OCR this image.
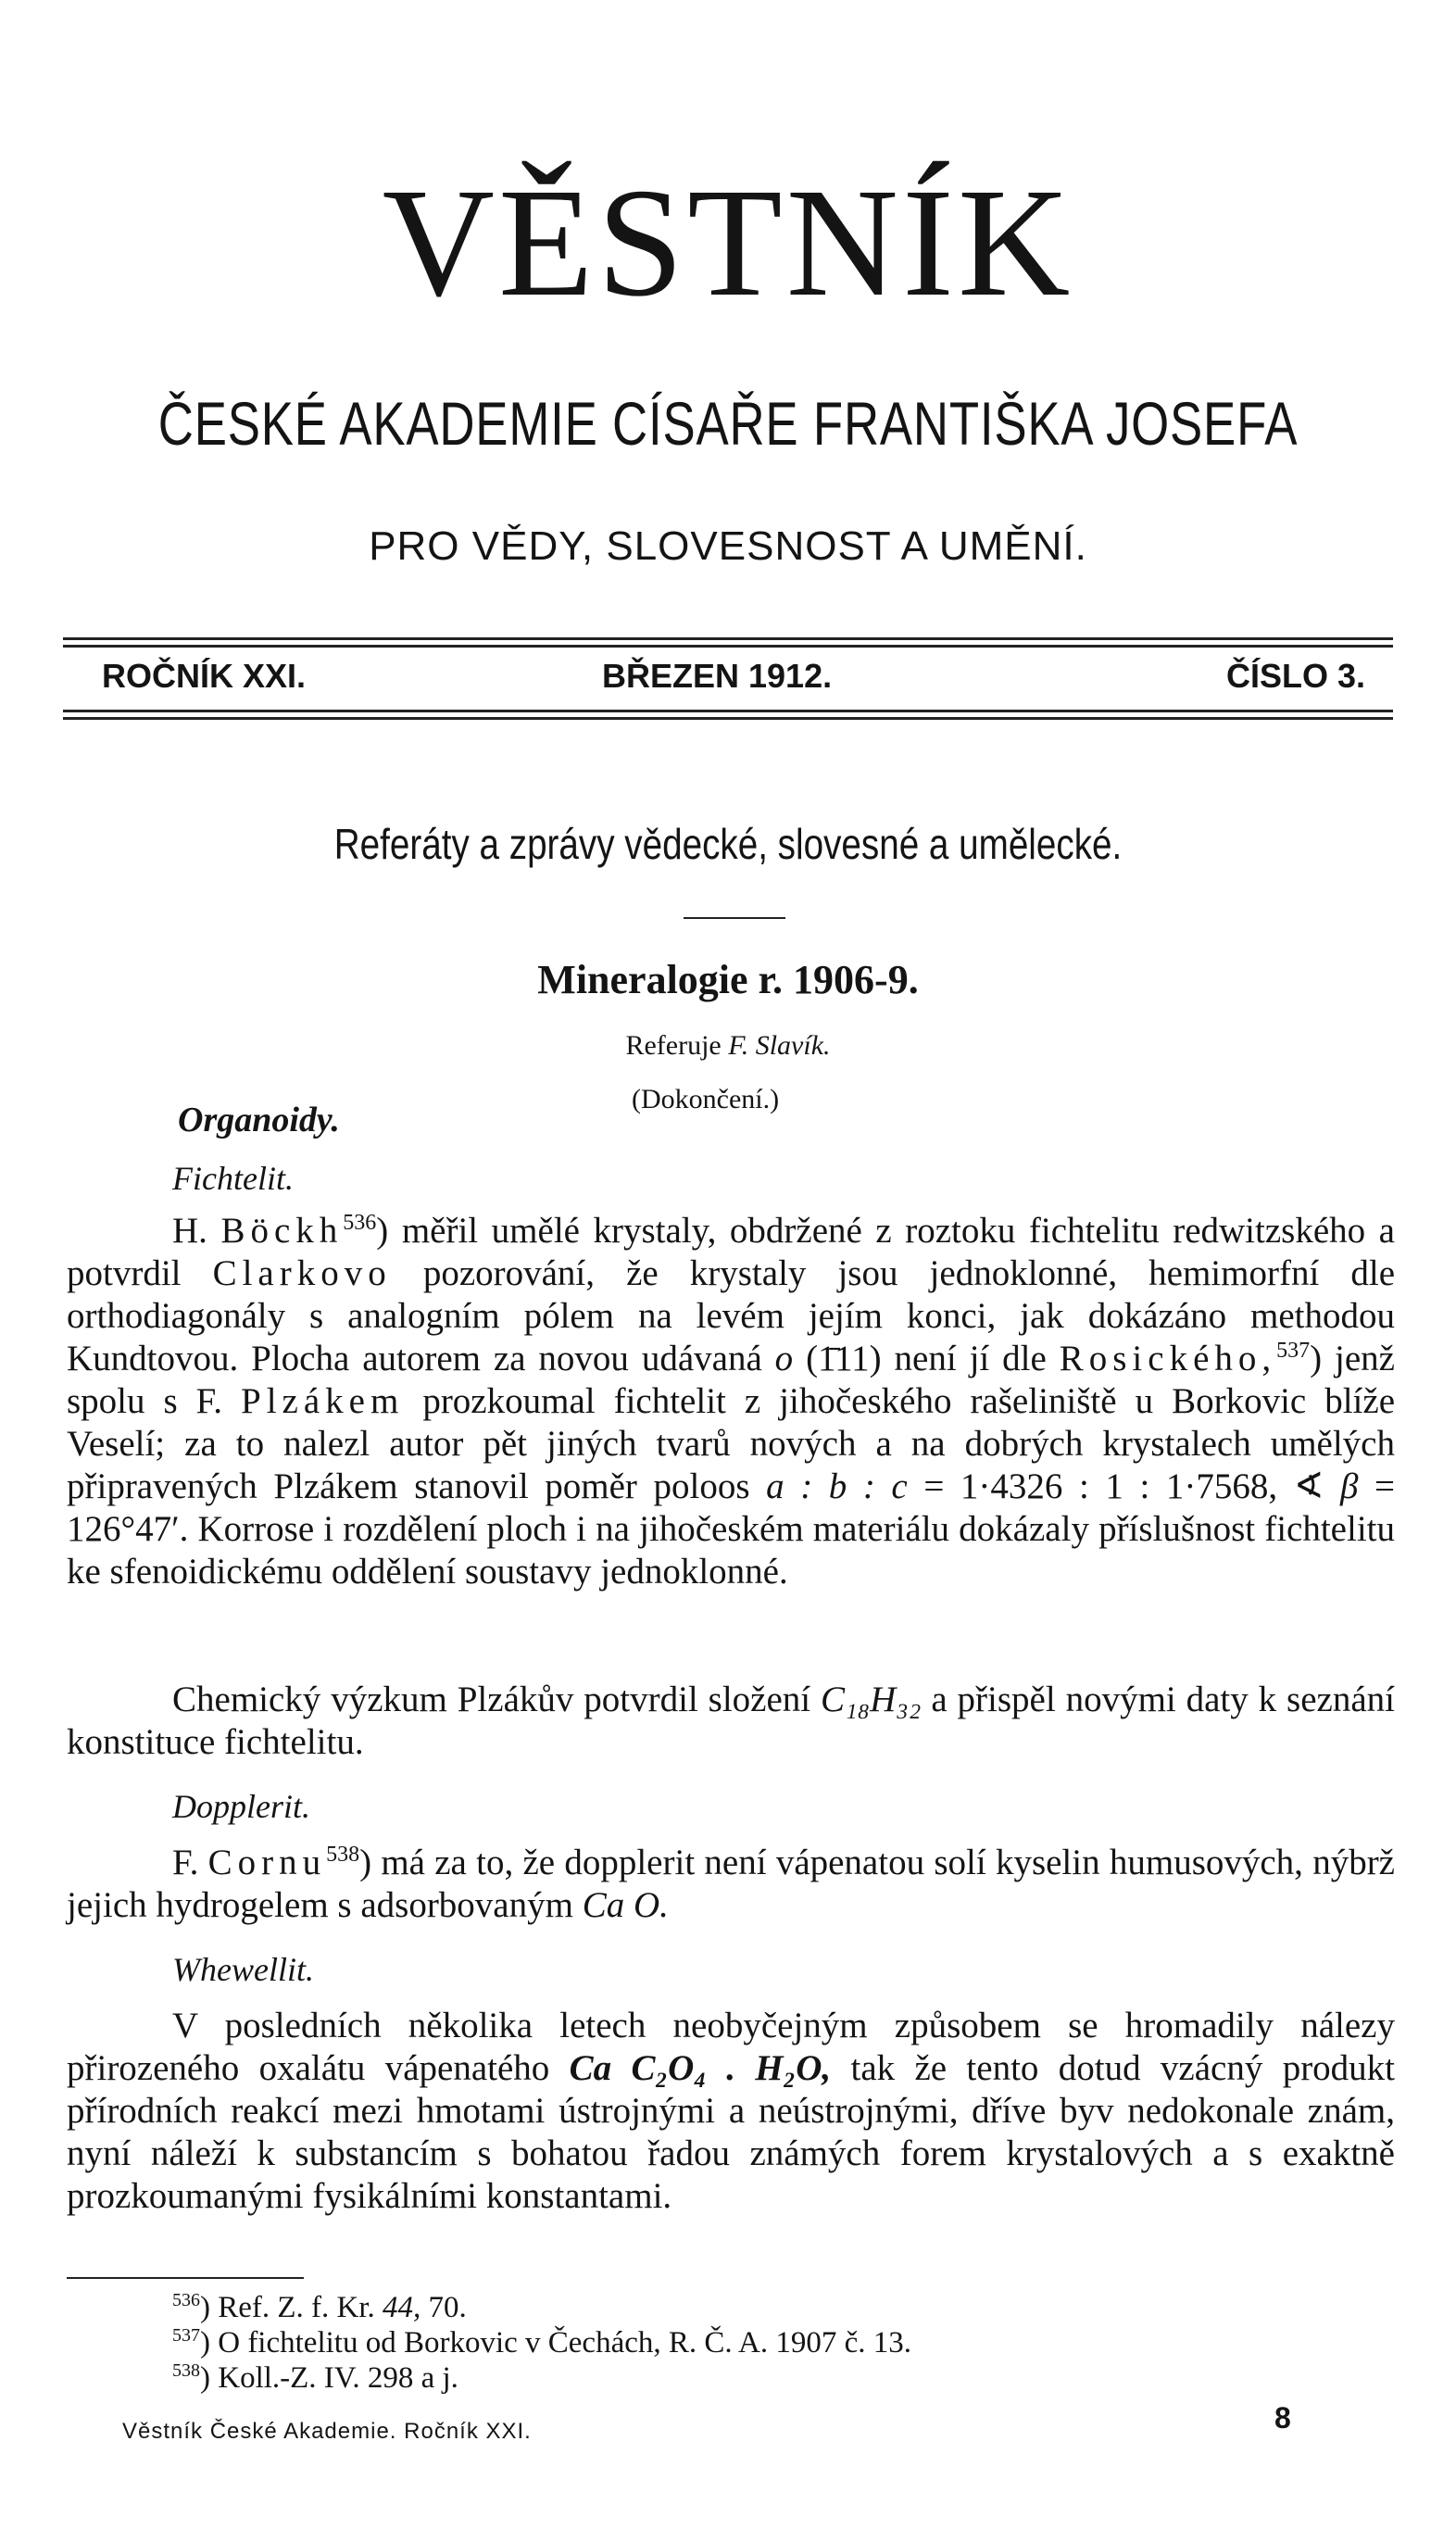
VĚSTNÍK
ČESKÉ AKADEMIE CÍSAŘE FRANTIŠKA JOSEFA
PRO VĚDY, SLOVESNOST A UMĚNÍ.
ROČNÍK XXI.	BŘEZEN 1912.	ČÍSLO 3.
Referáty a zprávy vědecké, slovesné a umělecké.
Mineralogie r. 1906-9.
Referuje F. Slavík.
(Dokončení.)
Organoidy.
Fichtelit.

H. Böckh$^{536}$) měřil umělé krystaly, obdržené z roztoku fichtelitu redwitzského a potvrdil Clarkovo pozorování, že krystaly jsou jednoklonné, hemimorfní dle orthodiagonály s analogním pólem na levém jejím konci, jak dokázáno methodou Kundtovou. Plocha autorem za novou udávaná o (1̄11) není jí dle Rosického,$^{537}$) jenž spolu s F. Plzákem prozkoumal fichtelit z jihočeského rašeliniště u Borkovic blíže Veselí; za to nalezl autor pět jiných tvarů nových a na dobrých krystalech umělých připravených Plzákem stanovil poměr poloos a : b : c = 1·4326 : 1 : 1·7568, ∢ β = 126°47′. Korrose i rozdělení ploch i na jihočeském materiálu dokázaly příslušnost fichtelitu ke sfenoidickému oddělení soustavy jednoklonné.

Chemický výzkum Plzákův potvrdil složení C₁₈H₃₂ a přispěl novými daty k seznání konstituce fichtelitu.

Dopplerit.

F. Cornu$^{538}$) má za to, že dopplerit není vápenatou solí kyselin humusových, nýbrž jejich hydrogelem s adsorbovaným Ca O.

Whewellit.

V posledních několika letech neobyčejným způsobem se hromadily nálezy přirozeného oxalátu vápenatého Ca C₂O₄ . H₂O, tak že tento dotud vzácný produkt přírodních reakcí mezi hmotami ústrojnými a neústrojnými, dříve byv nedokonale znám, nyní náleží k substancím s bohatou řadou známých forem krystalových a s exaktně prozkoumanými fysikálními konstantami.

$^{536}$) Ref. Z. f. Kr. 44, 70.
$^{537}$) O fichtelitu od Borkovic v Čechách, R. Č. A. 1907 č. 13.
$^{538}$) Koll.-Z. IV. 298 a j.
Věstník České Akademie. Ročník XXI.	8
